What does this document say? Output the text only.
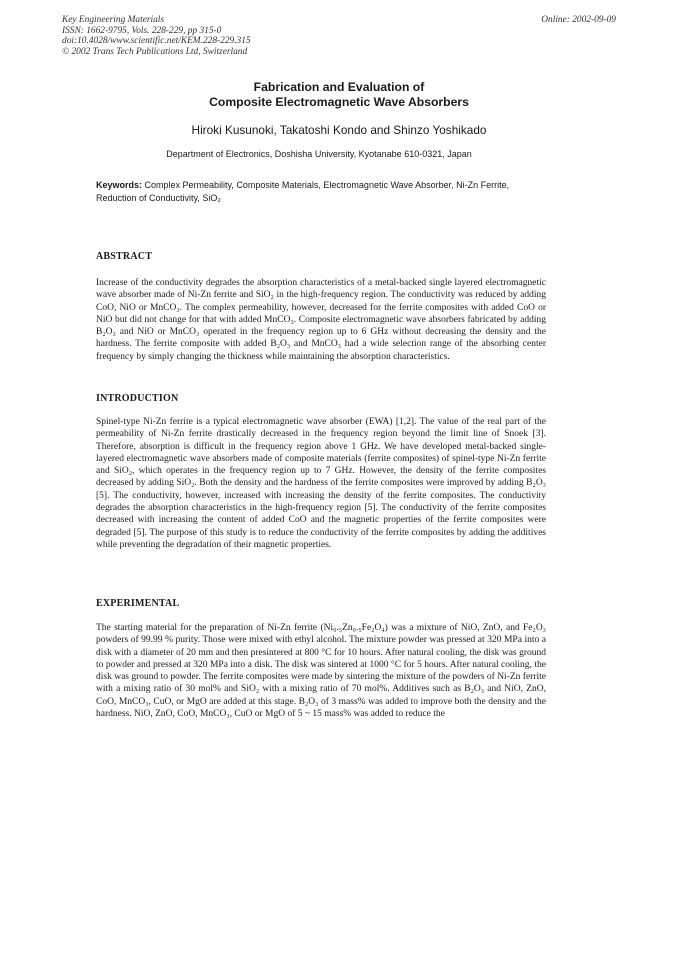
Key Engineering Materials
ISSN: 1662-9795, Vols. 228-229, pp 315-0
doi:10.4028/www.scientific.net/KEM.228-229.315
© 2002 Trans Tech Publications Ltd, Switzerland
Online: 2002-09-09
Fabrication and Evaluation of
Composite Electromagnetic Wave Absorbers
Hiroki Kusunoki, Takatoshi Kondo and Shinzo Yoshikado
Department of Electronics, Doshisha University, Kyotanabe 610-0321, Japan
Keywords: Complex Permeability, Composite Materials, Electromagnetic Wave Absorber, Ni-Zn Ferrite, Reduction of Conductivity, SiO₂
ABSTRACT

Increase of the conductivity degrades the absorption characteristics of a metal-backed single layered electromagnetic wave absorber made of Ni-Zn ferrite and SiO₂ in the high-frequency region. The conductivity was reduced by adding CoO, NiO or MnCO₃. The complex permeability, however, decreased for the ferrite composites with added CoO or NiO but did not change for that with added MnCO₃. Composite electromagnetic wave absorbers fabricated by adding B₂O₃ and NiO or MnCO₃ operated in the frequency region up to 6 GHz without decreasing the density and the hardness. The ferrite composite with added B₂O₃ and MnCO₃ had a wide selection range of the absorbing center frequency by simply changing the thickness while maintaining the absorption characteristics.

INTRODUCTION

Spinel-type Ni-Zn ferrite is a typical electromagnetic wave absorber (EWA) [1,2]. The value of the real part of the permeability of Ni-Zn ferrite drastically decreased in the frequency region beyond the limit line of Snoek [3]. Therefore, absorption is difficult in the frequency region above 1 GHz. We have developed metal-backed single-layered electromagnetic wave absorbers made of composite materials (ferrite composites) of spinel-type Ni-Zn ferrite and SiO₂, which operates in the frequency region up to 7 GHz. However, the density of the ferrite composites decreased by adding SiO₂. Both the density and the hardness of the ferrite composites were improved by adding B₂O₃ [5]. The conductivity, however, increased with increasing the density of the ferrite composites. The conductivity degrades the absorption characteristics in the high-frequency region [5]. The conductivity of the ferrite composites decreased with increasing the content of added CoO and the magnetic properties of the ferrite composites were degraded [5]. The purpose of this study is to reduce the conductivity of the ferrite composites by adding the additives while preventing the degradation of their magnetic properties.

EXPERIMENTAL

The starting material for the preparation of Ni-Zn ferrite (Ni₀.₅Zn₀.₅Fe₂O₄) was a mixture of NiO, ZnO, and Fe₂O₃ powders of 99.99 % purity. Those were mixed with ethyl alcohol. The mixture powder was pressed at 320 MPa into a disk with a diameter of 20 mm and then presintered at 800 °C for 10 hours. After natural cooling, the disk was ground to powder and pressed at 320 MPa into a disk. The disk was sintered at 1000 °C for 5 hours. After natural cooling, the disk was ground to powder. The ferrite composites were made by sintering the mixture of the powders of Ni-Zn ferrite with a mixing ratio of 30 mol% and SiO₂ with a mixing ratio of 70 mol%. Additives such as B₂O₃ and NiO, ZnO, CoO, MnCO₃, CuO, or MgO are added at this stage. B₂O₃ of 3 mass% was added to improve both the density and the hardness. NiO, ZnO, CoO, MnCO₃, CuO or MgO of 5 ~ 15 mass% was added to reduce the
